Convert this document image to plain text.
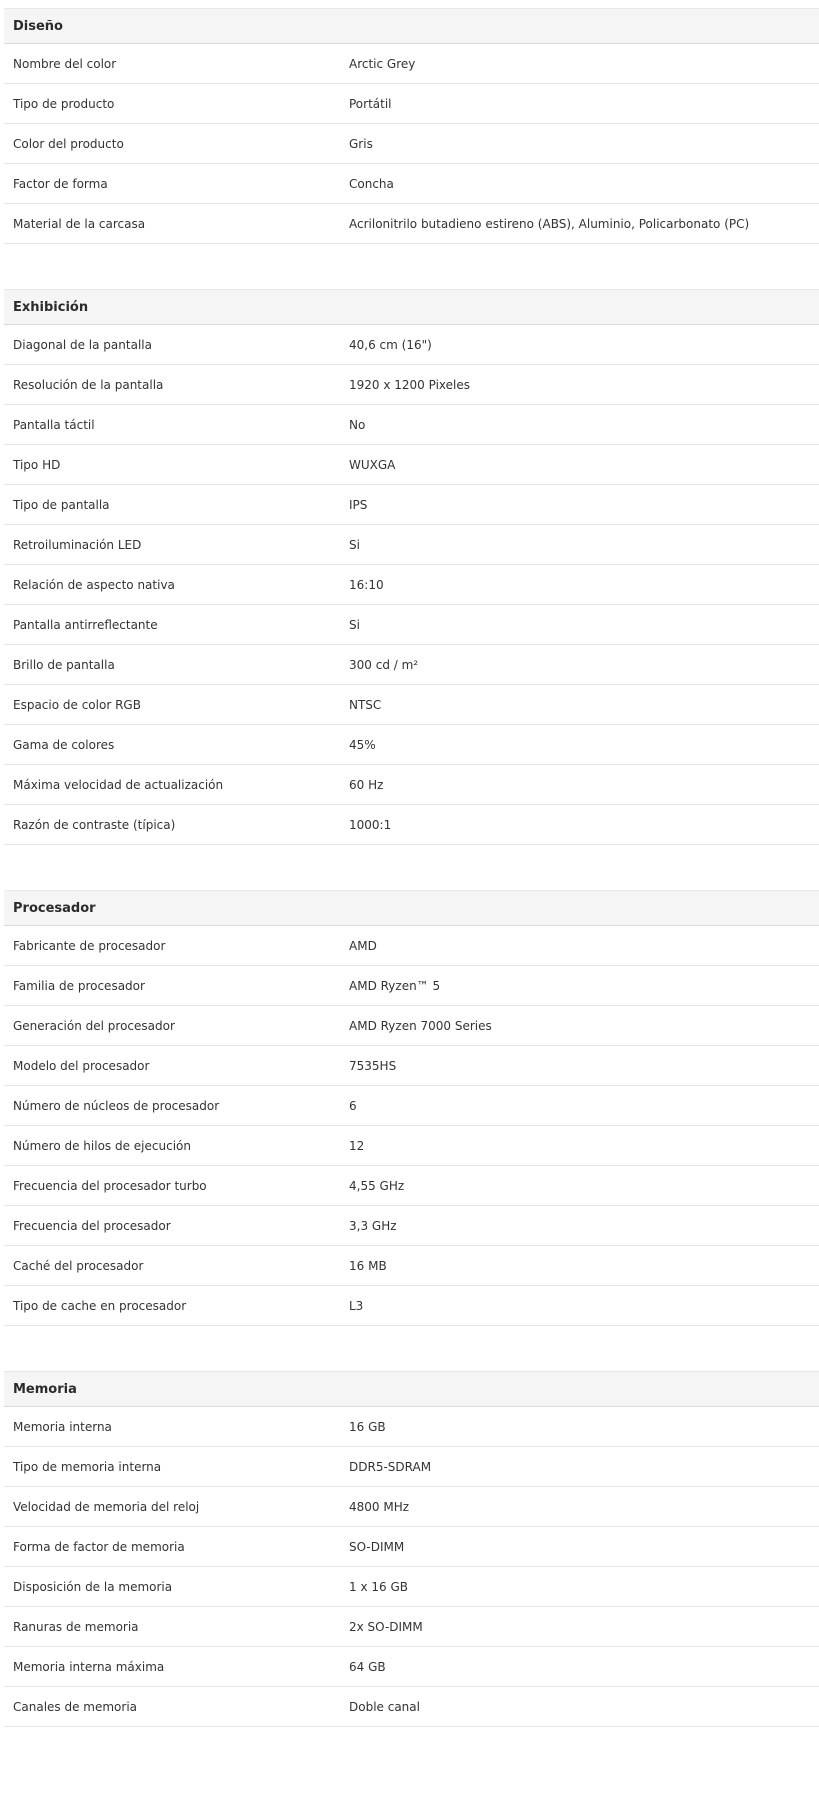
Diseño
Nombre del color	Arctic Grey
Tipo de producto	Portátil
Color del producto	Gris
Factor de forma	Concha
Material de la carcasa	Acrilonitrilo butadieno estireno (ABS), Aluminio, Policarbonato (PC)
Exhibición
Diagonal de la pantalla	40,6 cm (16")
Resolución de la pantalla	1920 x 1200 Pixeles
Pantalla táctil	No
Tipo HD	WUXGA
Tipo de pantalla	IPS
Retroiluminación LED	Si
Relación de aspecto nativa	16:10
Pantalla antirreflectante	Si
Brillo de pantalla	300 cd / m²
Espacio de color RGB	NTSC
Gama de colores	45%
Máxima velocidad de actualización	60 Hz
Razón de contraste (típica)	1000:1
Procesador
Fabricante de procesador	AMD
Familia de procesador	AMD Ryzen™ 5
Generación del procesador	AMD Ryzen 7000 Series
Modelo del procesador	7535HS
Número de núcleos de procesador	6
Número de hilos de ejecución	12
Frecuencia del procesador turbo	4,55 GHz
Frecuencia del procesador	3,3 GHz
Caché del procesador	16 MB
Tipo de cache en procesador	L3
Memoria
Memoria interna	16 GB
Tipo de memoria interna	DDR5-SDRAM
Velocidad de memoria del reloj	4800 MHz
Forma de factor de memoria	SO-DIMM
Disposición de la memoria	1 x 16 GB
Ranuras de memoria	2x SO-DIMM
Memoria interna máxima	64 GB
Canales de memoria	Doble canal
